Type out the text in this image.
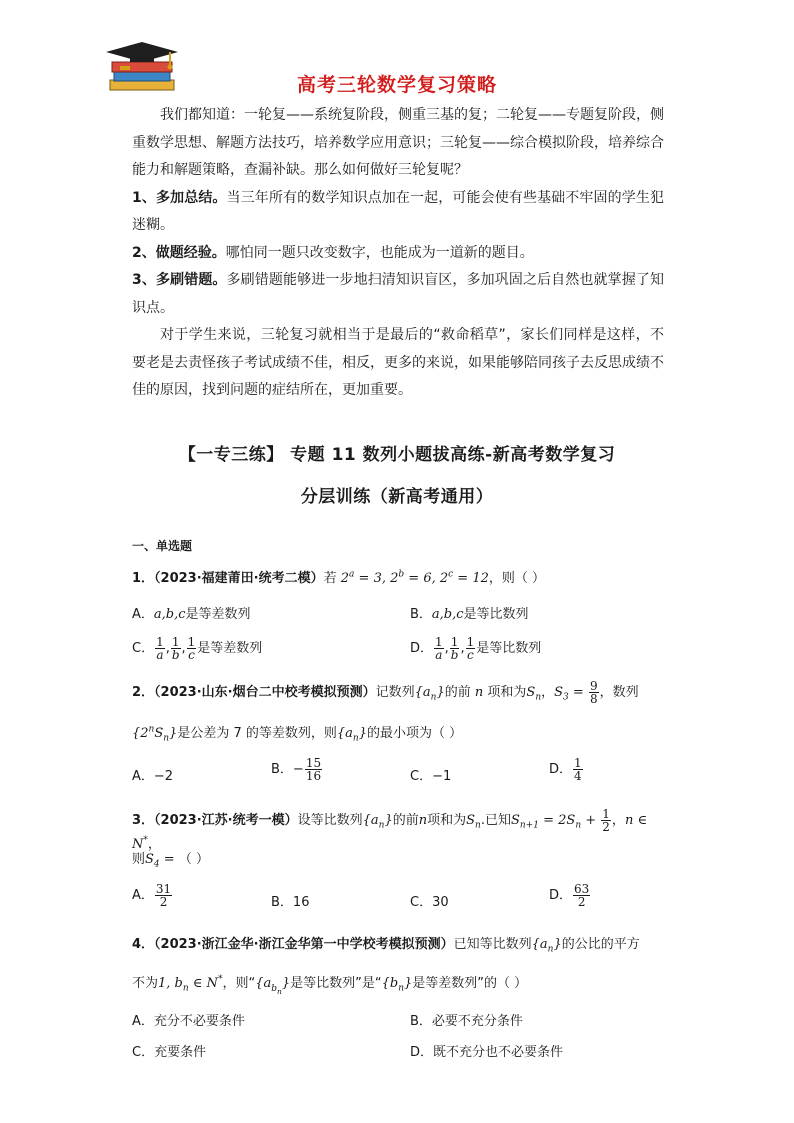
高考三轮数学复习策略

我们都知道：一轮复——系统复阶段，侧重三基的复；二轮复——专题复阶段，侧重数学思想、解题方法技巧，培养数学应用意识；三轮复——综合模拟阶段，培养综合能力和解题策略，查漏补缺。那么如何做好三轮复呢？

1、多加总结。当三年所有的数学知识点加在一起，可能会使有些基础不牢固的学生犯迷糊。

2、做题经验。哪怕同一题只改变数字，也能成为一道新的题目。

3、多刷错题。多刷错题能够进一步地扫清知识盲区，多加巩固之后自然也就掌握了知识点。

对于学生来说，三轮复习就相当于是最后的“救命稻草”，家长们同样是这样，不要老是去责怪孩子考试成绩不佳，相反，更多的来说，如果能够陪同孩子去反思成绩不佳的原因，找到问题的症结所在，更加重要。

【一专三练】 专题 11 数列小题拔高练-新高考数学复习
分层训练（新高考通用）
一、单选题
1．（2023·福建莆田·统考二模）若 $2^a = 3$, $2^b = 6$, $2^c = 12$，则（ ）
A．a,b,c是等差数列	B．a,b,c是等比数列
C． $\frac{1}{a}$ , $\frac{1}{b}$ , $\frac{1}{c}$ 是等差数列	D． $\frac{1}{a}$ , $\frac{1}{b}$ , $\frac{1}{c}$ 是等比数列
2．（2023·山东·烟台二中校考模拟预测）记数列$\{a_n\}$的前 n 项和为$S_n$，$S_3 = \frac{9}{8}$ ，数列
$\{2^nS_n\}$是公差为 7 的等差数列，则$\{a_n\}$的最小项为（ ）
A．−2	B．− $\frac{15}{16}$	C．−1	D． $\frac{1}{4}$
3．（2023·江苏·统考一模）设等比数列$\{a_n\}$的前n项和为$S_n$.已知$S_{n+1} = 2S_n + \frac{1}{2}$ ，n ∈ N*，
则$S_4$ = （ ）
A． $\frac{31}{2}$	B．16	C．30	D． $\frac{63}{2}$
4．（2023·浙江金华·浙江金华第一中学校考模拟预测）已知等比数列$\{a_n\}$的公比的平方
不为1, $b_n$ ∈ N*，则“$\{a_{b_n}\}$是等比数列”是“$\{b_n\}$是等差数列”的（ ）
A．充分不必要条件	B．必要不充分条件
C．充要条件	D．既不充分也不必要条件
